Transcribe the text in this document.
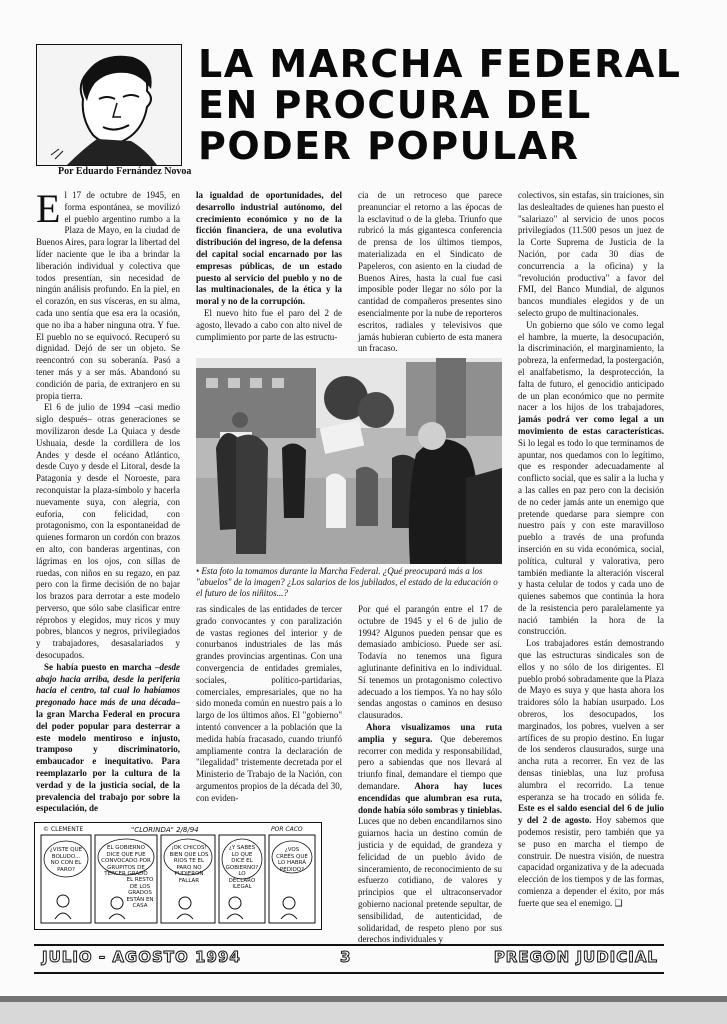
Por Eduardo Fernández Novoa
LA MARCHA FEDERAL
EN PROCURA DEL
PODER POPULAR

El 17 de octubre de 1945, en forma espontánea, se movilizó el pueblo argentino rumbo a la Plaza de Mayo, en la ciudad de Buenos Aires, para lograr la libertad del líder naciente que le iba a brindar la liberación individual y colectiva que todos presentían, sin necesidad de ningún análisis profundo. En la piel, en el corazón, en sus vísceras, en su alma, cada uno sentía que esa era la ocasión, que no iba a haber ninguna otra. Y fue. El pueblo no se equivocó. Recuperó su dignidad. Dejó de ser un objeto. Se reencontró con su soberanía. Pasó a tener más y a ser más. Abandonó su condición de paria, de extranjero en su propia tierra.

El 6 de julio de 1994 –casi medio siglo después– otras generaciones se movilizaron desde La Quiaca y desde Ushuaia, desde la cordillera de los Andes y desde el océano Atlántico, desde Cuyo y desde el Litoral, desde la Patagonia y desde el Noroeste, para reconquistar la plaza-símbolo y hacerla nuevamente suya, con alegría, con euforia, con felicidad, con protagonismo, con la espontaneidad de quienes formaron un cordón con brazos en alto, con banderas argentinas, con lágrimas en los ojos, con sillas de ruedas, con niños en su regazo, en paz pero con la firme decisión de no bajar los brazos para derrotar a este modelo perverso, que sólo sabe clasificar entre réprobos y elegidos, muy ricos y muy pobres, blancos y negros, privilegiados y trabajadores, desasalariados y desocupados.

Se había puesto en marcha –desde abajo hacia arriba, desde la periferia hacia el centro, tal cual lo habíamos pregonado hace más de una década– la gran Marcha Federal en procura del poder popular para desterrar a este modelo mentiroso e injusto, tramposo y discriminatorio, embaucador e inequitativo. Para reemplazarlo por la cultura de la verdad y de la justicia social, de la prevalencia del trabajo por sobre la especulación, de

la igualdad de oportunidades, del desarrollo industrial autónomo, del crecimiento económico y no de la ficción financiera, de una evolutiva distribución del ingreso, de la defensa del capital social encarnado por las empresas públicas, de un estado puesto al servicio del pueblo y no de las multinacionales, de la ética y la moral y no de la corrupción.

El nuevo hito fue el paro del 2 de agosto, llevado a cabo con alto nivel de cumplimiento por parte de las estructu-

cia de un retroceso que parece preanunciar el retorno a las épocas de la esclavitud o de la gleba. Triunfo que rubricó la más gigantesca conferencia de prensa de los últimos tiempos, materializada en el Sindicato de Papeleros, con asiento en la ciudad de Buenos Aires, hasta la cual fue casi imposible poder llegar no sólo por la cantidad de compañeros presentes sino esencialmente por la nube de reporteros escritos, radiales y televisivos que jamás hubieran cubierto de esta manera un fracaso.

• Esta foto la tomamos durante la Marcha Federal. ¿Qué preocupará más a los "abuelos" de la imagen? ¿Los salarios de los jubilados, el estado de la educación o el futuro de los niñitos...?

ras sindicales de las entidades de tercer grado convocantes y con paralización de vastas regiones del interior y de conurbanos industriales de las más grandes provincias argentinas. Con una convergencia de entidades gremiales, sociales, político-partidarias, comerciales, empresariales, que no ha sido moneda común en nuestro país a lo largo de los últimos años. El "gobierno" intentó convencer a la población que la medida había fracasado, cuando triunfó ampliamente contra la declaración de "ilegalidad" tristemente decretada por el Ministerio de Trabajo de la Nación, con argumentos propios de la década del 30, con eviden-

Por qué el parangón entre el 17 de octubre de 1945 y el 6 de julio de 1994? Algunos pueden pensar que es demasiado ambicioso. Puede ser así. Todavía no tenemos una figura aglutinante definitiva en lo individual. Sí tenemos un protagonismo colectivo adecuado a los tiempos. Ya no hay sólo sendas angostas o caminos en desuso clausurados.

Ahora visualizamos una ruta amplia y segura. Que deberemos recorrer con medida y responsabilidad, pero a sabiendas que nos llevará al triunfo final, demandare el tiempo que demandare. Ahora hay luces encendidas que alumbran esa ruta, donde había sólo sombras y tinieblas. Luces que no deben encandilarnos sino guiarnos hacia un destino común de justicia y de equidad, de grandeza y felicidad de un pueblo ávido de sinceramiento, de reconocimiento de su esfuerzo cotidiano, de valores y principios que el ultraconservador gobierno nacional pretende sepultar, de sensibilidad, de autenticidad, de solidaridad, de respeto pleno por sus derechos individuales y

colectivos, sin estafas, sin traiciones, sin las deslealtades de quienes han puesto el "salariazo" al servicio de unos pocos privilegiados (11.500 pesos un juez de la Corte Suprema de Justicia de la Nación, por cada 30 días de concurrencia a la oficina) y la "revolución productiva" a favor del FMI, del Banco Mundial, de algunos bancos mundiales elegidos y de un selecto grupo de multinacionales.

Un gobierno que sólo ve como legal el hambre, la muerte, la desocupación, la discriminación, el marginamiento, la pobreza, la enfermedad, la postergación, el analfabetismo, la desprotección, la falta de futuro, el genocidio anticipado de un plan económico que no permite nacer a los hijos de los trabajadores, jamás podrá ver como legal a un movimiento de estas características. Si lo legal es todo lo que terminamos de apuntar, nos quedamos con lo legítimo, que es responder adecuadamente al conflicto social, que es salir a la lucha y a las calles en paz pero con la decisión de no ceder jamás ante un enemigo que pretende quedarse para siempre con nuestro país y con este maravilloso pueblo a través de una profunda inserción en su vida económica, social, política, cultural y valorativa, pero también mediante la alteración visceral y hasta celular de todos y cada uno de quienes sabemos que continúa la hora de la resistencia pero paralelamente ya nació también la hora de la construcción.

Los trabajadores están demostrando que las estructuras sindicales son de ellos y no sólo de los dirigentes. El pueblo probó sobradamente que la Plaza de Mayo es suya y que hasta ahora los traidores sólo la habían usurpado. Los obreros, los desocupados, los marginados, los pobres, vuelven a ser artífices de su propio destino. En lugar de los senderos clausurados, surge una ancha ruta a recorrer. En vez de las densas tinieblas, una luz profusa alumbra el recorrido. La tenue esperanza se ha trocado en sólida fe. Este es el saldo esencial del 6 de julio y del 2 de agosto. Hoy sabemos que podemos resistir, pero también que ya se puso en marcha el tiempo de construir. De nuestra visión, de nuestra capacidad organizativa y de la adecuada elección de los tiempos y de las formas, comienza a depender el éxito, por más fuerte que sea el enemigo. ❑

© CLEMENTE	"CLORINDA" 2/8/94	POR CACO
¿VISTE QUE BOLUDO... NO CON EL PARO?
EL GOBIERNO DICE QUE FUE CONVOCADO POR GRUPITOS DE TERCER GRADO
¡OK CHICOS! BIEN QUE LOS RIOS TE EL PARO NO PUDIERON FALLAR
¿Y SABES LO QUE DICE EL GOBIERNO? LO DECLARO ILEGAL
¿VOS CREÉS QUE LO HABRÁ PEDIDO?
EL RESTO DE LOS GRADOS ESTÁN EN CASA
JULIO - AGOSTO 1994	3	PREGON JUDICIAL
